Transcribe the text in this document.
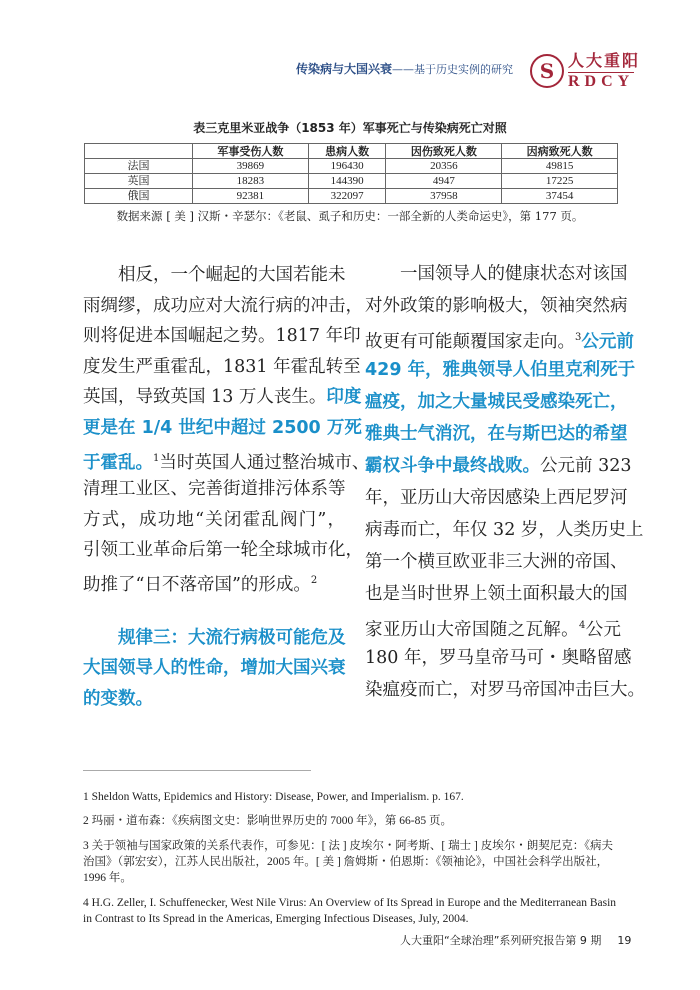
传染病与大国兴衰——基于历史实例的研究	S 人大重阳
RDCY
表三克里米亚战争（1853 年）军事死亡与传染病死亡对照
	军事受伤人数	患病人数	因伤致死人数	因病致死人数
法国	39869	196430	20356	49815
英国	18283	144390	4947	17225
俄国	92381	322097	37958	37454
数据来源 [ 美 ] 汉斯・辛瑟尔：《老鼠、虱子和历史：一部全新的人类命运史》，第 177 页。
　　相反，一个崛起的大国若能未
雨绸缪，成功应对大流行病的冲击，
则将促进本国崛起之势。1817 年印
度发生严重霍乱，1831 年霍乱转至
英国，导致英国 13 万人丧生。印度
更是在 1/4 世纪中超过 2500 万死
于霍乱。$^1$当时英国人通过整治城市、
清理工业区、完善街道排污体系等
方式，成功地“关闭霍乱阀门”，
引领工业革命后第一轮全球城市化，
助推了“日不落帝国”的形成。$^2$
　　规律三：大流行病极可能危及
大国领导人的性命，增加大国兴衰
的变数。
　　一国领导人的健康状态对该国
对外政策的影响极大，领袖突然病
故更有可能颠覆国家走向。$^3$公元前
429 年，雅典领导人伯里克利死于
瘟疫，加之大量城民受感染死亡，
雅典士气消沉，在与斯巴达的希望
霸权斗争中最终战败。公元前 323
年，亚历山大帝因感染上西尼罗河
病毒而亡，年仅 32 岁，人类历史上
第一个横亘欧亚非三大洲的帝国、
也是当时世界上领土面积最大的国
家亚历山大帝国随之瓦解。$^4$公元
180 年，罗马皇帝马可・奥略留感
染瘟疫而亡，对罗马帝国冲击巨大。
1 Sheldon Watts, Epidemics and History: Disease, Power, and Imperialism. p. 167.
2 玛丽・道布森：《疾病图文史：影响世界历史的 7000 年》，第 66-85 页。
3 关于领袖与国家政策的关系代表作，可参见：[ 法 ] 皮埃尔・阿考斯、[ 瑞士 ] 皮埃尔・朗契尼克：《病夫治国》（郭宏安），江苏人民出版社，2005 年。[ 美 ] 詹姆斯・伯恩斯：《领袖论》，中国社会科学出版社，1996 年。
4 H.G. Zeller, I. Schuffenecker, West Nile Virus: An Overview of Its Spread in Europe and the Mediterranean Basin in Contrast to Its Spread in the Americas, Emerging Infectious Diseases, July, 2004.
人大重阳“全球治理”系列研究报告第 9 期 19
